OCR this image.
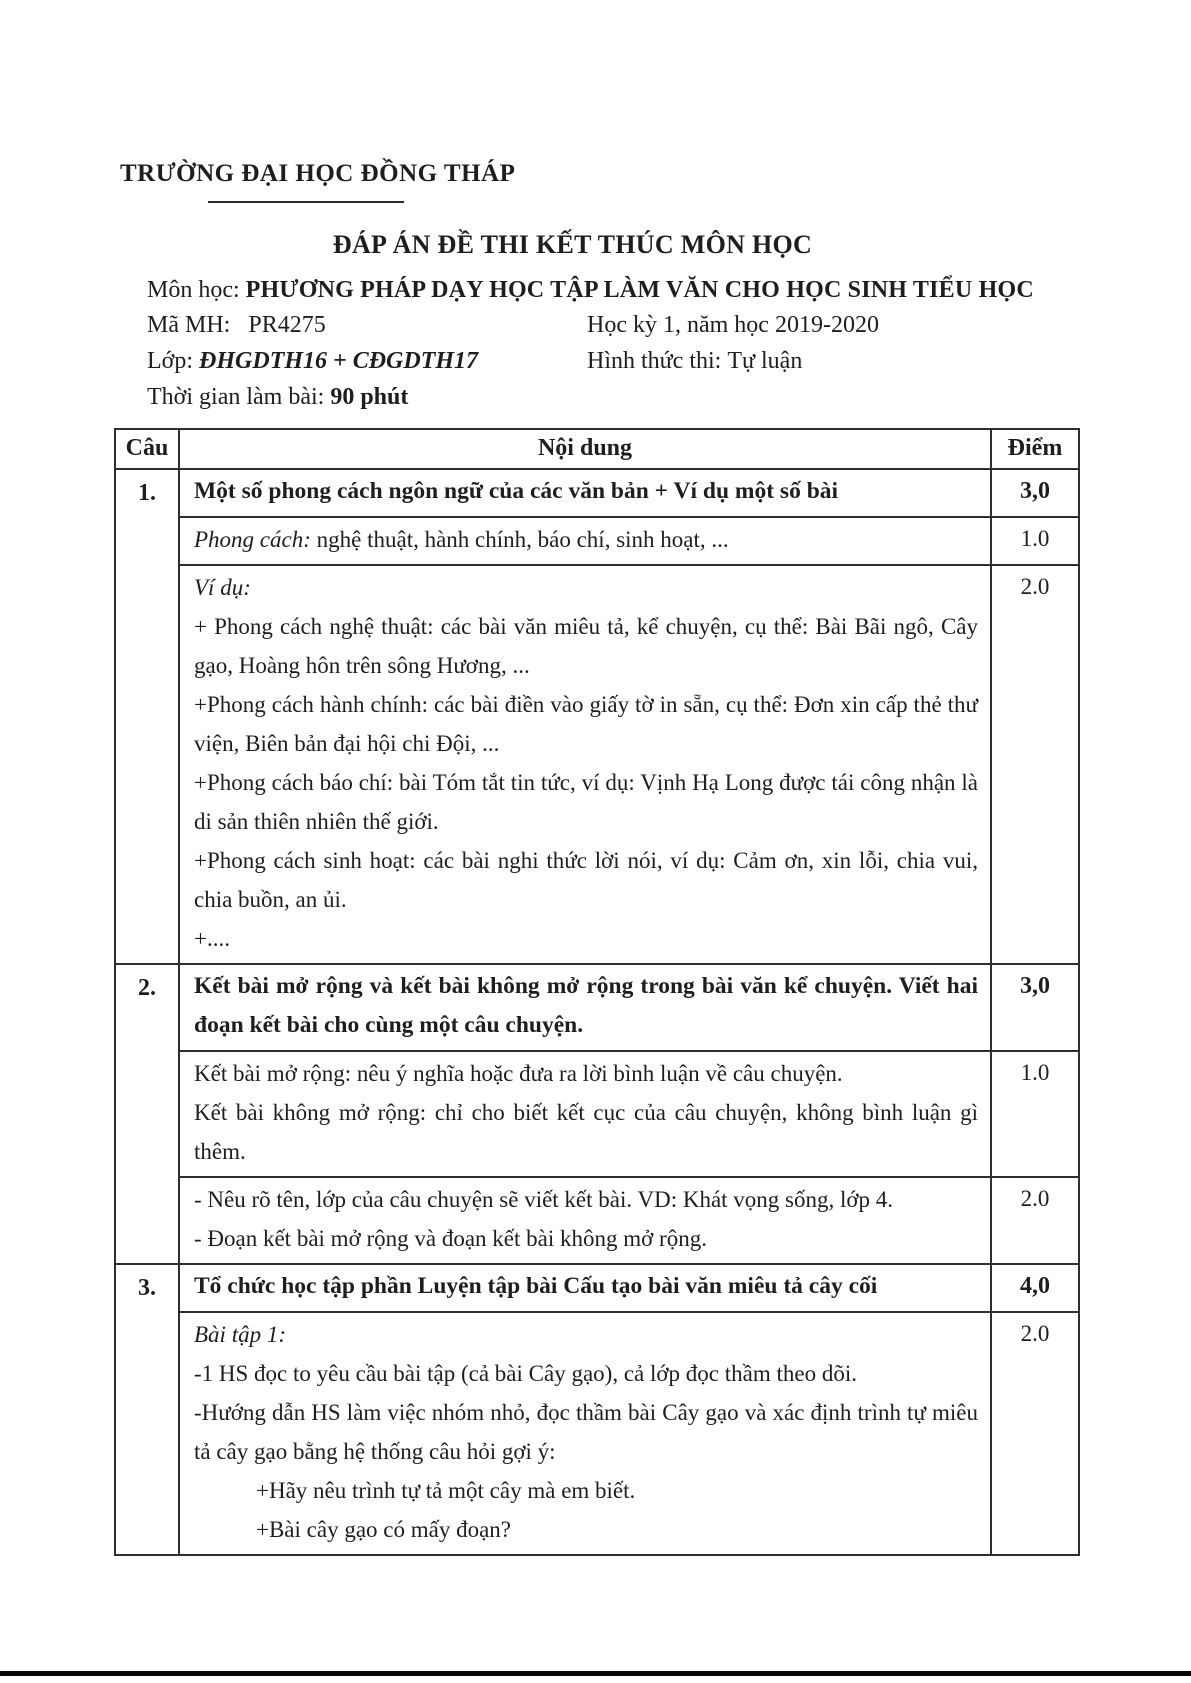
TRƯỜNG ĐẠI HỌC ĐỒNG THÁP
ĐÁP ÁN ĐỀ THI KẾT THÚC MÔN HỌC
Môn học: PHƯƠNG PHÁP DẠY HỌC TẬP LÀM VĂN CHO HỌC SINH TIỂU HỌC
Mã MH: PR4275	Học kỳ 1, năm học 2019-2020
Lớp: ĐHGDTH16 + CĐGDTH17	Hình thức thi: Tự luận
Thời gian làm bài: 90 phút
Câu	Nội dung	Điểm
1.	Một số phong cách ngôn ngữ của các văn bản + Ví dụ một số bài	3,0

	Phong cách: nghệ thuật, hành chính, báo chí, sinh hoạt, ...	1.0

Ví dụ:

+ Phong cách nghệ thuật: các bài văn miêu tả, kể chuyện, cụ thể: Bài Bãi ngô, Cây gạo, Hoàng hôn trên sông Hương, ...

+Phong cách hành chính: các bài điền vào giấy tờ in sẵn, cụ thể: Đơn xin cấp thẻ thư viện, Biên bản đại hội chi Đội, ...

+Phong cách báo chí: bài Tóm tắt tin tức, ví dụ: Vịnh Hạ Long được tái công nhận là di sản thiên nhiên thế giới.

+Phong cách sinh hoạt: các bài nghi thức lời nói, ví dụ: Cảm ơn, xin lỗi, chia vui, chia buồn, an ủi.

+....

	2.0
2.	Kết bài mở rộng và kết bài không mở rộng trong bài văn kể chuyện. Viết hai đoạn kết bài cho cùng một câu chuyện.	3,0

	Kết bài mở rộng: nêu ý nghĩa hoặc đưa ra lời bình luận về câu chuyện.

Kết bài không mở rộng: chỉ cho biết kết cục của câu chuyện, không bình luận gì thêm.	1.0

	- Nêu rõ tên, lớp của câu chuyện sẽ viết kết bài. VD: Khát vọng sống, lớp 4.

- Đoạn kết bài mở rộng và đoạn kết bài không mở rộng.	2.0
3.	Tổ chức học tập phần Luyện tập bài Cấu tạo bài văn miêu tả cây cối	4,0

	Bài tập 1:

-1 HS đọc to yêu cầu bài tập (cả bài Cây gạo), cả lớp đọc thầm theo dõi.

-Hướng dẫn HS làm việc nhóm nhỏ, đọc thầm bài Cây gạo và xác định trình tự miêu tả cây gạo bằng hệ thống câu hỏi gợi ý:

+Hãy nêu trình tự tả một cây mà em biết.

+Bài cây gạo có mấy đoạn?	2.0
